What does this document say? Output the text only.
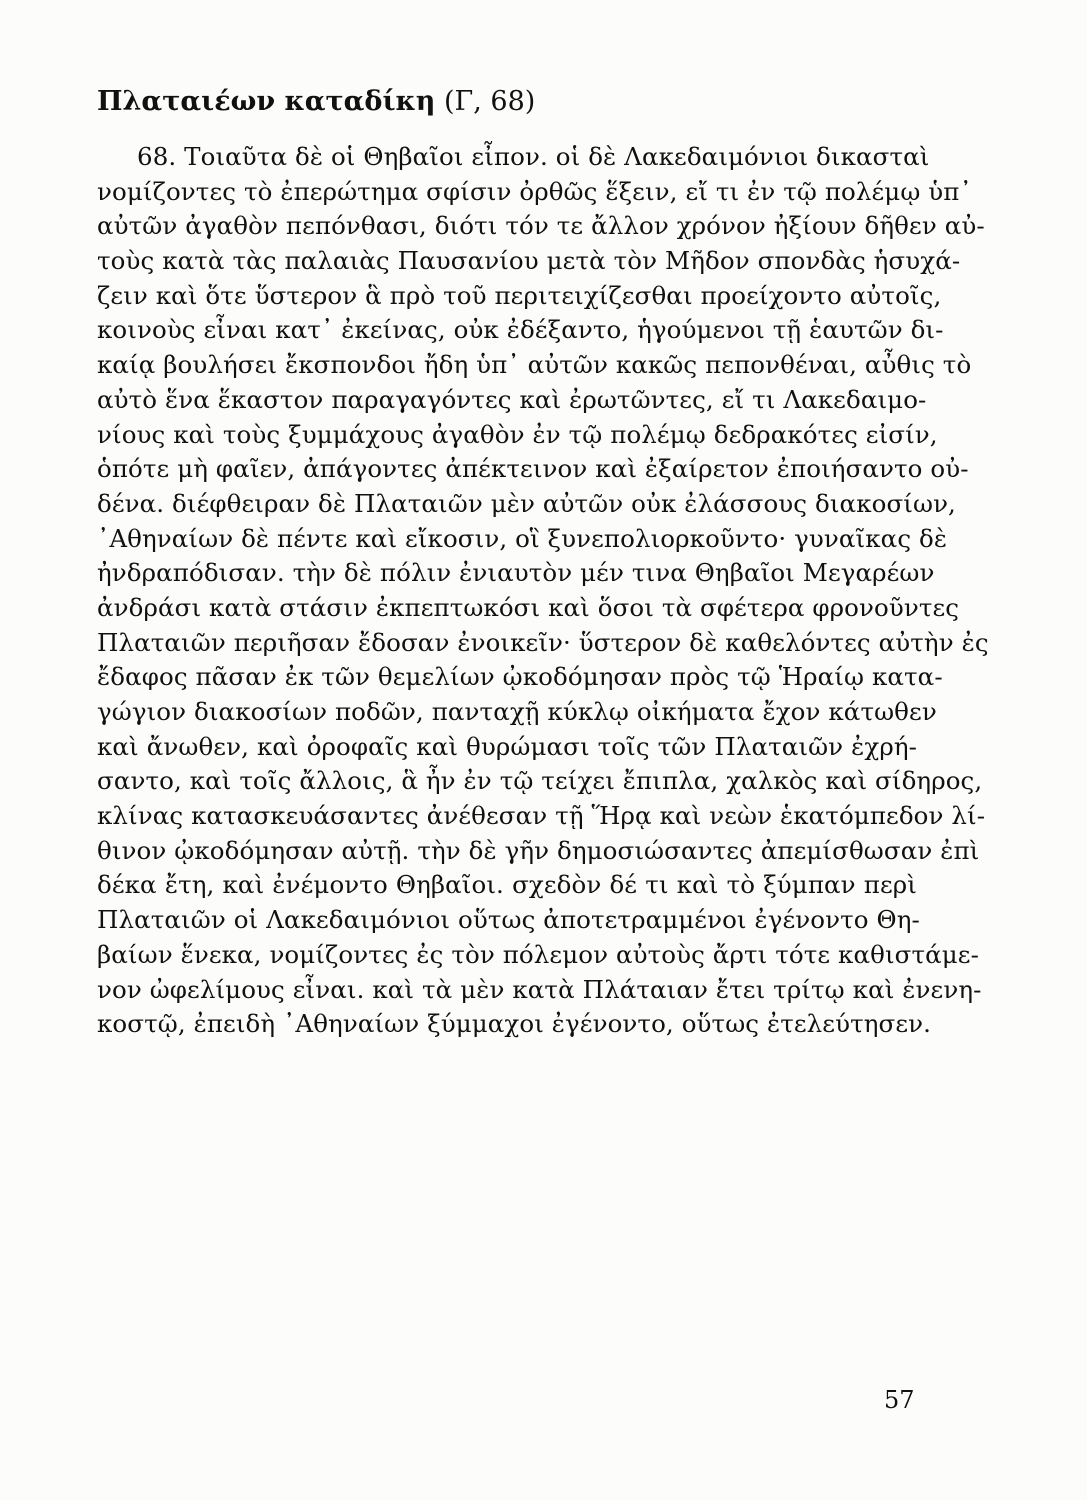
Πλαταιέων καταδίκη (Γ, 68)
68. Τοιαῦτα δὲ οἱ Θηβαῖοι εἶπον. οἱ δὲ Λακεδαιμόνιοι δικασταὶ
νομίζοντες τὸ ἐπερώτημα σφίσιν ὀρθῶς ἕξειν, εἴ τι ἐν τῷ πολέμῳ ὑπ᾽
αὐτῶν ἀγαθὸν πεπόνθασι, διότι τόν τε ἄλλον χρόνον ἠξίουν δῆθεν αὐ-
τοὺς κατὰ τὰς παλαιὰς Παυσανίου μετὰ τὸν Μῆδον σπονδὰς ἡσυχά-
ζειν καὶ ὅτε ὕστερον ἃ πρὸ τοῦ περιτειχίζεσθαι προείχοντο αὐτοῖς,
κοινοὺς εἶναι κατ᾽ ἐκείνας, οὐκ ἐδέξαντο, ἡγούμενοι τῇ ἑαυτῶν δι-
καίᾳ βουλήσει ἔκσπονδοι ἤδη ὑπ᾽ αὐτῶν κακῶς πεπονθέναι, αὖθις τὸ
αὐτὸ ἕνα ἕκαστον παραγαγόντες καὶ ἐρωτῶντες, εἴ τι Λακεδαιμο-
νίους καὶ τοὺς ξυμμάχους ἀγαθὸν ἐν τῷ πολέμῳ δεδρακότες εἰσίν,
ὁπότε μὴ φαῖεν, ἀπάγοντες ἀπέκτεινον καὶ ἐξαίρετον ἐποιήσαντο οὐ-
δένα. διέφθειραν δὲ Πλαταιῶν μὲν αὐτῶν οὐκ ἐλάσσους διακοσίων,
᾽Αθηναίων δὲ πέντε καὶ εἴκοσιν, οἳ ξυνεπολιορκοῦντο· γυναῖκας δὲ
ἠνδραπόδισαν. τὴν δὲ πόλιν ἐνιαυτὸν μέν τινα Θηβαῖοι Μεγαρέων
ἀνδράσι κατὰ στάσιν ἐκπεπτωκόσι καὶ ὅσοι τὰ σφέτερα φρονοῦντες
Πλαταιῶν περιῆσαν ἔδοσαν ἐνοικεῖν· ὕστερον δὲ καθελόντες αὐτὴν ἐς
ἔδαφος πᾶσαν ἐκ τῶν θεμελίων ᾠκοδόμησαν πρὸς τῷ Ἡραίῳ κατα-
γώγιον διακοσίων ποδῶν, πανταχῇ κύκλῳ οἰκήματα ἔχον κάτωθεν
καὶ ἄνωθεν, καὶ ὀροφαῖς καὶ θυρώμασι τοῖς τῶν Πλαταιῶν ἐχρή-
σαντο, καὶ τοῖς ἄλλοις, ἃ ἦν ἐν τῷ τείχει ἔπιπλα, χαλκὸς καὶ σίδηρος,
κλίνας κατασκευάσαντες ἀνέθεσαν τῇ Ἥρᾳ καὶ νεὼν ἑκατόμπεδον λί-
θινον ᾠκοδόμησαν αὐτῇ. τὴν δὲ γῆν δημοσιώσαντες ἀπεμίσθωσαν ἐπὶ
δέκα ἔτη, καὶ ἐνέμοντο Θηβαῖοι. σχεδὸν δέ τι καὶ τὸ ξύμπαν περὶ
Πλαταιῶν οἱ Λακεδαιμόνιοι οὕτως ἀποτετραμμένοι ἐγένοντο Θη-
βαίων ἕνεκα, νομίζοντες ἐς τὸν πόλεμον αὐτοὺς ἄρτι τότε καθιστάμε-
νον ὠφελίμους εἶναι. καὶ τὰ μὲν κατὰ Πλάταιαν ἔτει τρίτῳ καὶ ἐνενη-
κοστῷ, ἐπειδὴ ᾽Αθηναίων ξύμμαχοι ἐγένοντο, οὕτως ἐτελεύτησεν.
57
